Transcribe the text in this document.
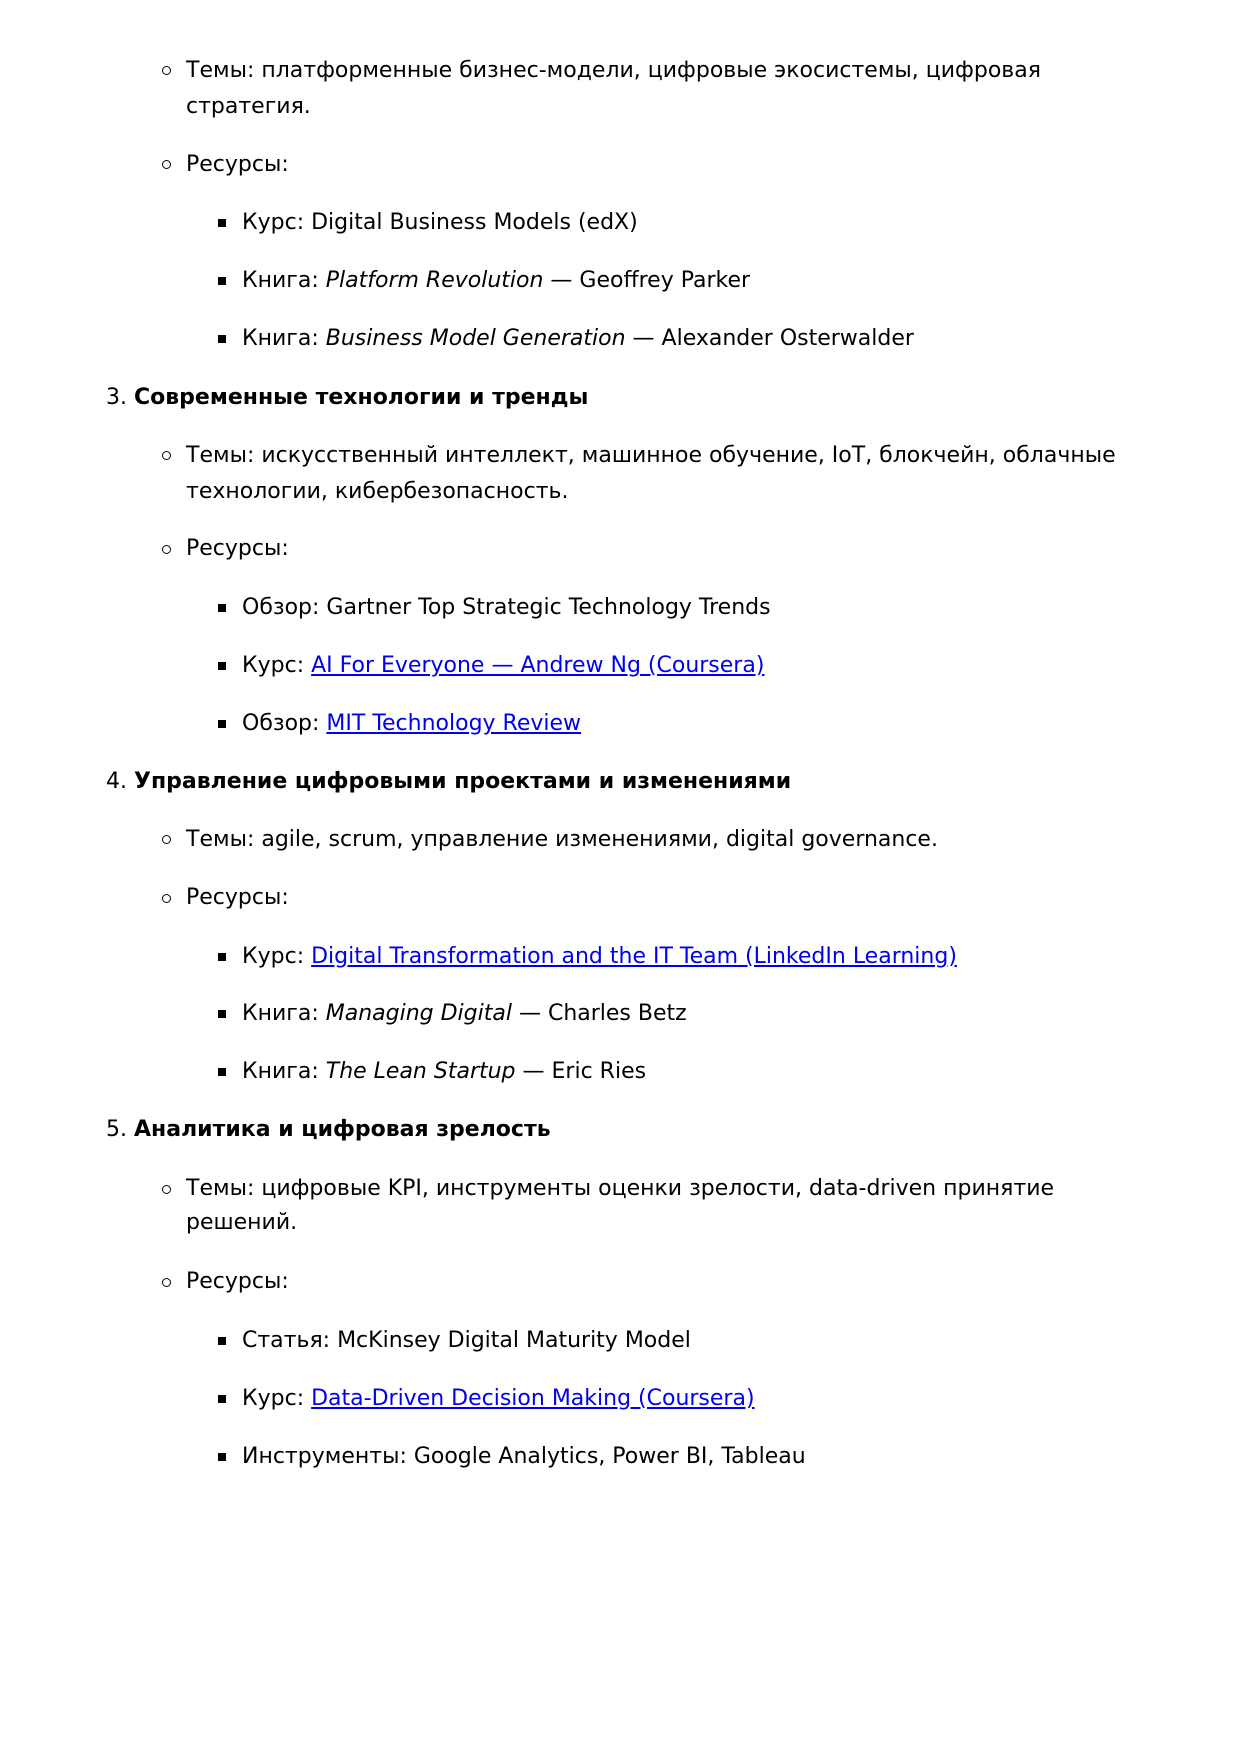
Темы: платформенные бизнес-модели, цифровые экосистемы, цифровая
стратегия.
Ресурсы:
Курс: Digital Business Models (edX)
Книга: Platform Revolution — Geoffrey Parker
Книга: Business Model Generation — Alexander Osterwalder
3. Современные технологии и тренды
Темы: искусственный интеллект, машинное обучение, IoT, блокчейн, облачные
технологии, кибербезопасность.
Ресурсы:
Обзор: Gartner Top Strategic Technology Trends
Курс: AI For Everyone — Andrew Ng (Coursera)
Обзор: MIT Technology Review
4. Управление цифровыми проектами и изменениями
Темы: agile, scrum, управление изменениями, digital governance.
Ресурсы:
Курс: Digital Transformation and the IT Team (LinkedIn Learning)
Книга: Managing Digital — Charles Betz
Книга: The Lean Startup — Eric Ries
5. Аналитика и цифровая зрелость
Темы: цифровые KPI, инструменты оценки зрелости, data-driven принятие
решений.
Ресурсы:
Статья: McKinsey Digital Maturity Model
Курс: Data-Driven Decision Making (Coursera)
Инструменты: Google Analytics, Power BI, Tableau
